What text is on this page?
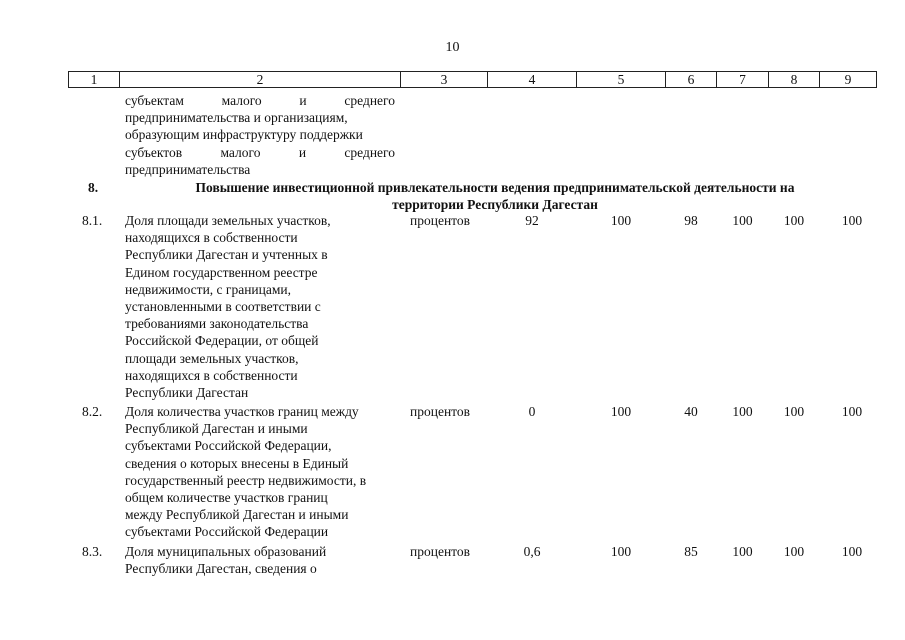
10
1	2	3	4	5	6	7	8	9
субъектам малого и среднего
предпринимательства и организациям,
образующим инфраструктуру поддержки
субъектов малого и среднего
предпринимательства
8.	Повышение инвестиционной привлекательности ведения предпринимательской деятельности на
территории Республики Дагестан
8.1. Доля площади земельных участков,
находящихся в собственности
Республики Дагестан и учтенных в
Едином государственном реестре
недвижимости, с границами,
установленными в соответствии с
требованиями законодательства
Российской Федерации, от общей
площади земельных участков,
находящихся в собственности
Республики Дагестан
процентов	92	100	98	100	100	100
8.2. Доля количества участков границ между
Республикой Дагестан и иными
субъектами Российской Федерации,
сведения о которых внесены в Единый
государственный реестр недвижимости, в
общем количестве участков границ
между Республикой Дагестан и иными
субъектами Российской Федерации
процентов	0	100	40	100	100	100
8.3. Доля муниципальных образований
Республики Дагестан, сведения о
процентов	0,6	100	85	100	100	100
